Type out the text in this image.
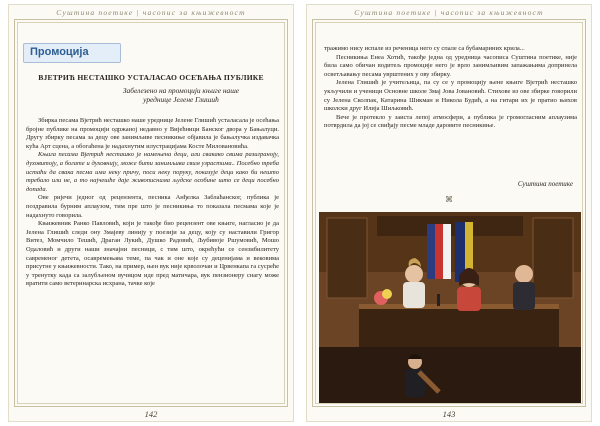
Суштина поетике | часопис за књижевност
Промоција
ВЈЕТРИЋ НЕСТАШКО УСТАЛАСАО ОСЕЋАЊА ПУБЛИКЕ
Забелезено на промоцији књиге наше
уреднице Јелене Глишић

Збирка песама Вјетрић несташко наше уреднице Јелене Глишић усталасала је осећања бројне публике на промоцији одржаној недавно у Вијећници Банског двора у Бањалуци. Другу збирку песама за децу ове занимљиве песникиње објавила је бањалучка издавачка кућа Арт сцена, а обогаћена је надахнутим илустрацијама Косте Миловановића.

Књига песама Вјетрић несташко је намењена деци, али свакако свима разиграноју, духовитоју, а богате и духовнију, може бити занимљива свим узрастима.. Посебно треба истаћи да свака песма има неку причу, поси неку поруку, показује деци како би нешто требало или не, а то најчешће даје живописнима људске особине што се деци посебно допада.

Ове ријечи једног од рецензента, песника Анђелка Заблаћанског, публика је поздравила бурним аплаузом, тим пре што је песникиња то показала песмама које је надахнуто говорила.

Књижевник Ранко Павловић, који је такође био рецензент ове књиге, нагласио је да Јелена Глишић следи ону Змајеву линију у поезији за децу, коју су наставили Григор Витез, Момчило Тешић, Драган Лукић, Душко Радовић, Љубивоје Ршумовић, Мошо Одаловић и други наши значајни песници, с тим што, окрећући се сензибилитету савременог детета, осавремењава теме, па чак и оне које су деценијама и вековима присутне у књижевности. Тако, на пример, њен вук није крволочан и Црвенкапа га сусреће у тренутку када са залубљеном вучицом иде пред матичара, вук пензионеру снагу може вратити само ветеринарска исхрана, тачке које

142
Суштина поетике | часопис за књижевност

тражимо нису испале из реченица него су спале са бубамариних крила...

Песникиња Енеа Хотић, такође једна од уредница часописа Суштина поетике, није била само обичан водитељ промоције него је врло занимљивим запажањима допринела осветљавању песама уврштених у ову збирку.

Јелена Глишић је учитељица, па су се у промоцију њене књиге Вјетрић несташко укључили и ученици Основне школе Змај Јова Јовановић. Стихове из ове збирке говорили су Јелена Сколпак, Катарина Шикман и Никола Будић, а на гитари их је пратио њихов школски друг Илија Шиљковић.

Вече је протекло у заиста лепој атмосфери, а публика је громогласним аплаузима потврдила да јој се свиђају песме младе даровите песникиње.

Суштина поетике
⌘
143
